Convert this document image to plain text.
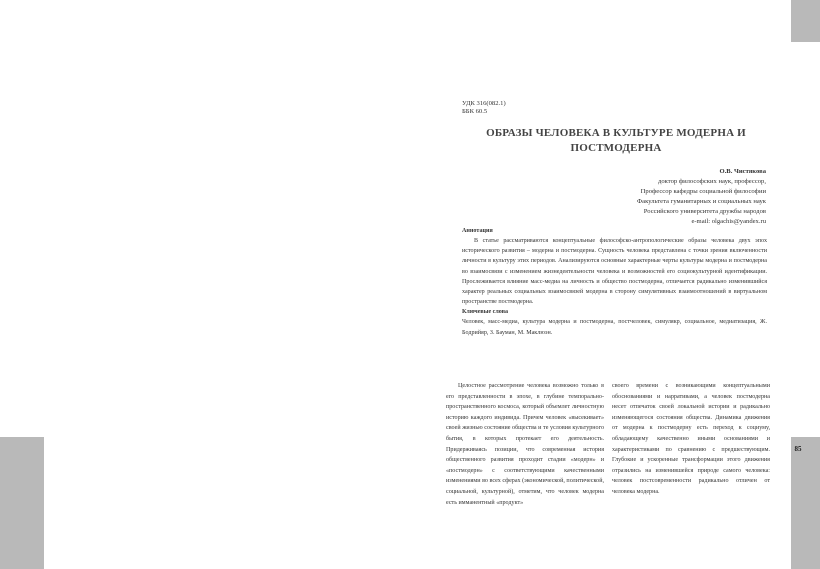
85
УДК 316(082.1)
ББК 60.5
ОБРАЗЫ ЧЕЛОВЕКА В КУЛЬТУРЕ МОДЕРНА И
ПОСТМОДЕРНА
О.В. Чистякова
доктор философских наук, профессор,
Профессор кафедры социальной философии
Факультета гуманитарных и социальных наук
Российского университета дружбы народов
e-mail: olgachis@yandex.ru

Аннотация

В статье рассматриваются концептуальные философско-антропологические образы человека двух эпох исторического развития – модерна и постмодерна. Сущность человека представлена с точки зрения включенности личности в культуру этих периодов. Анализируются основные характерные черты культуры модерна и постмодерна во взаимосвязи с изменением жизнедеятельности человека и возможностей его социокультурной идентификации. Прослеживается влияние масс-медиа на личность и общество постмодерна, отличается радикально изменившийся характер реальных социальных взаимосвязей модерна в сторону симулятивных взаимоотношений в виртуальном пространстве постмодерна.

Ключевые слова

Человек, масс-медиа, культура модерна и постмодерна, постчеловек, симулякр, социальное, медиатизация, Ж. Бодрийяр, З. Бауман, М. Маклюэн.

Целостное рассмотрение человека возможно только в его представленности в эпохе, в глубине темпорально-пространственного космоса, который объемлет личностную историю каждого индивида. Причем человек «высекивает» своей жизнью состояние общества и те условия культурного бытия, в которых протекает его деятельность. Придерживаясь позиции, что современная история общественного развития проходит стадии «модерн» и «постмодерн» с соответствующими качественными изменениями во всех сферах (экономической, политической, социальной, культурной), отметим, что человек модерна есть имманентный «продукт»

своего времени с возникающими концептуальными обоснованиями и нарративами, а человек постмодерна несет отпечаток своей локальной истории и радикально изменяющегося состояния общества. Динамика движения от модерна к постмодерну есть переход к социуму, обладающему качественно иными основаниями и характеристиками по сравнению с предшествующим. Глубокие и ускоренные трансформации этого движения отразились на изменившейся природе самого человека: человек постсовременности радикально отличен от человека модерна.
